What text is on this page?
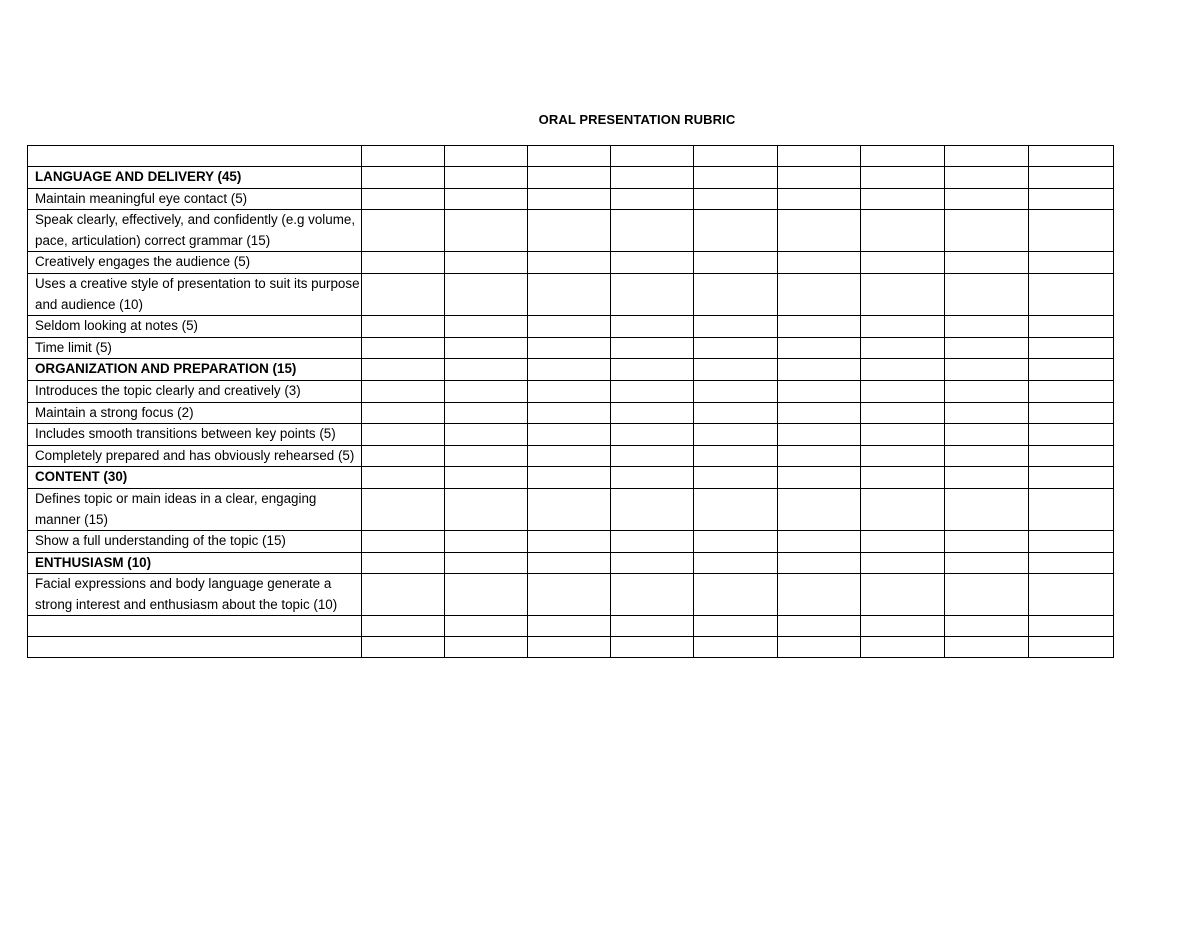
ORAL PRESENTATION RUBRIC

LANGUAGE AND DELIVERY (45)									
Maintain meaningful eye contact (5)									
Speak clearly, effectively, and confidently (e.g volume, pace, articulation) correct grammar (15)									
Creatively engages the audience (5)									
Uses a creative style of presentation to suit its purpose and audience (10)									
Seldom looking at notes (5)									
Time limit (5)									
ORGANIZATION AND PREPARATION (15)									
Introduces the topic clearly and creatively (3)									
Maintain a strong focus (2)									
Includes smooth transitions between key points (5)									
Completely prepared and has obviously rehearsed (5)									
CONTENT (30)									
Defines topic or main ideas in a clear, engaging manner (15)									
Show a full understanding of the topic (15)									
ENTHUSIASM (10)									
Facial expressions and body language generate a strong interest and enthusiasm about the topic (10)									
